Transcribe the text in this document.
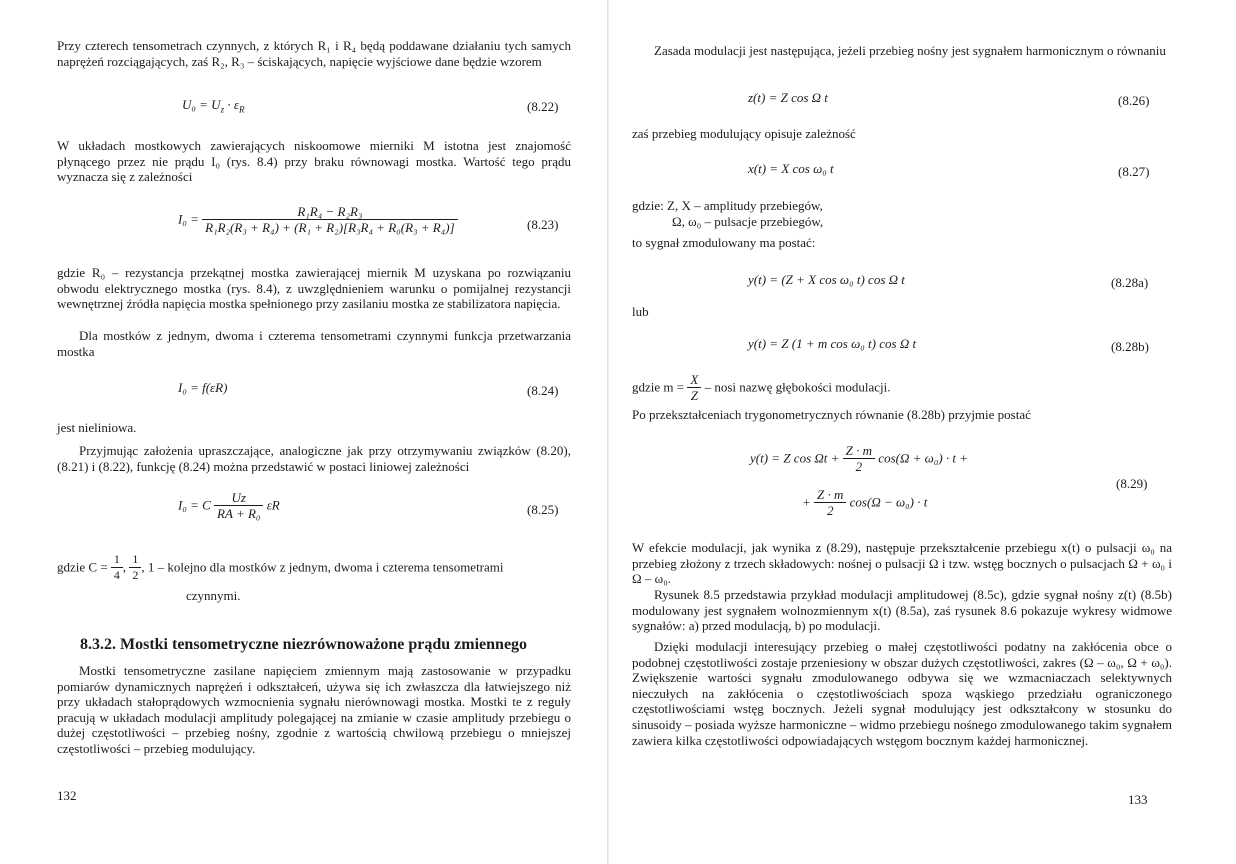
Przy czterech tensometrach czynnych, z których R₁ i R₄ będą poddawane działaniu tych samych naprężeń rozciągających, zaś R₂, R₃ – ściskających, napięcie wyjściowe dane będzie wzorem
$U_0 = U_z \cdot \varepsilon_R$	(8.22)
W układach mostkowych zawierających niskoomowe mierniki M istotna jest znajomość płynącego przez nie prądu I₀ (rys. 8.4) przy braku równowagi mostka. Wartość tego prądu wyznacza się z zależności
$I_0 = \frac{\text{R₁R₄ − R₂R₃}}{\text{R₁R₂(R₃ + R₄) + (R₁ + R₂)[R₃R₄ + R₀(R₃ + R₄)]}}$	(8.23)
gdzie R₀ – rezystancja przekątnej mostka zawierającej miernik M uzyskana po rozwiązaniu obwodu elektrycznego mostka (rys. 8.4), z uwzględnieniem warunku o pomijalnej rezystancji wewnętrznej źródła napięcia mostka spełnionego przy zasilaniu mostka ze stabilizatora napięcia.
Dla mostków z jednym, dwoma i czterema tensometrami czynnymi funkcja przetwarzania mostka
I₀ = f(εR)	(8.24)
jest nieliniowa.
Przyjmując założenia upraszczające, analogiczne jak przy otrzymywaniu związków (8.20), (8.21) i (8.22), funkcję (8.24) można przedstawić w postaci liniowej zależności
I₀ = C $\frac{Uz}{\text{RA + R₀}}$ εR	(8.25)
gdzie $C = \frac{1}{4}$ , $\frac{1}{2}$ , 1 – kolejno dla mostków z jednym, dwoma i czterema tensometrami
czynnymi.
8.3.2. Mostki tensometryczne niezrównoważone prądu zmiennego
Mostki tensometryczne zasilane napięciem zmiennym mają zastosowanie w przypadku pomiarów dynamicznych naprężeń i odkształceń, używa się ich zwłaszcza dla łatwiejszego niż przy układach stałoprądowych wzmocnienia sygnału nierównowagi mostka. Mostki te z reguły pracują w układach modulacji amplitudy polegającej na zmianie w czasie amplitudy przebiegu o dużej częstotliwości – przebieg nośny, zgodnie z wartością chwilową przebiegu o mniejszej częstotliwości – przebieg modulujący.
132
Zasada modulacji jest następująca, jeżeli przebieg nośny jest sygnałem harmonicznym o równaniu
z(t) = Z cos Ω t	(8.26)
zaś przebieg modulujący opisuje zależność
x(t) = X cos ω₀ t	(8.27)
gdzie: Z, X – amplitudy przebiegów,
Ω, ω₀ – pulsacje przebiegów,
to sygnał zmodulowany ma postać:
y(t) = (Z + X cos ω₀ t) cos Ω t	(8.28a)
lub
y(t) = Z (1 + m cos ω₀ t) cos Ω t	(8.28b)
gdzie $m = \frac{X}{Z}$ – nosi nazwę głębokości modulacji.
Po przekształceniach trygonometrycznych równanie (8.28b) przyjmie postać
y(t) = Z $\cos \Omega t + \frac{Z \cdot m}{2} \cos(\Omega + \omega_0) \cdot t$ +
+ $\frac{Z \cdot m}{2} \cos(\Omega - \omega_0) \cdot t$
(8.29)
W efekcie modulacji, jak wynika z (8.29), następuje przekształcenie przebiegu x(t) o pulsacji ω₀ na przebieg złożony z trzech składowych: nośnej o pulsacji Ω i tzw. wstęg bocznych o pulsacjach Ω + ω₀ i Ω – ω₀.
Rysunek 8.5 przedstawia przykład modulacji amplitudowej (8.5c), gdzie sygnał nośny z(t) (8.5b) modulowany jest sygnałem wolnozmiennym x(t) (8.5a), zaś rysunek 8.6 pokazuje wykresy widmowe sygnałów: a) przed modulacją, b) po modulacji.
Dzięki modulacji interesujący przebieg o małej częstotliwości podatny na zakłócenia obce o podobnej częstotliwości zostaje przeniesiony w obszar dużych częstotliwości, zakres (Ω – ω₀, Ω + ω₀). Zwiększenie wartości sygnału zmodulowanego odbywa się we wzmacniaczach selektywnych nieczułych na zakłócenia o częstotliwościach spoza wąskiego przedziału ograniczonego częstotliwościami wstęg bocznych. Jeżeli sygnał modulujący jest odkształcony w stosunku do sinusoidy – posiada wyższe harmoniczne – widmo przebiegu nośnego zmodulowanego takim sygnałem zawiera kilka częstotliwości odpowiadających wstęgom bocznym każdej harmonicznej.
133
